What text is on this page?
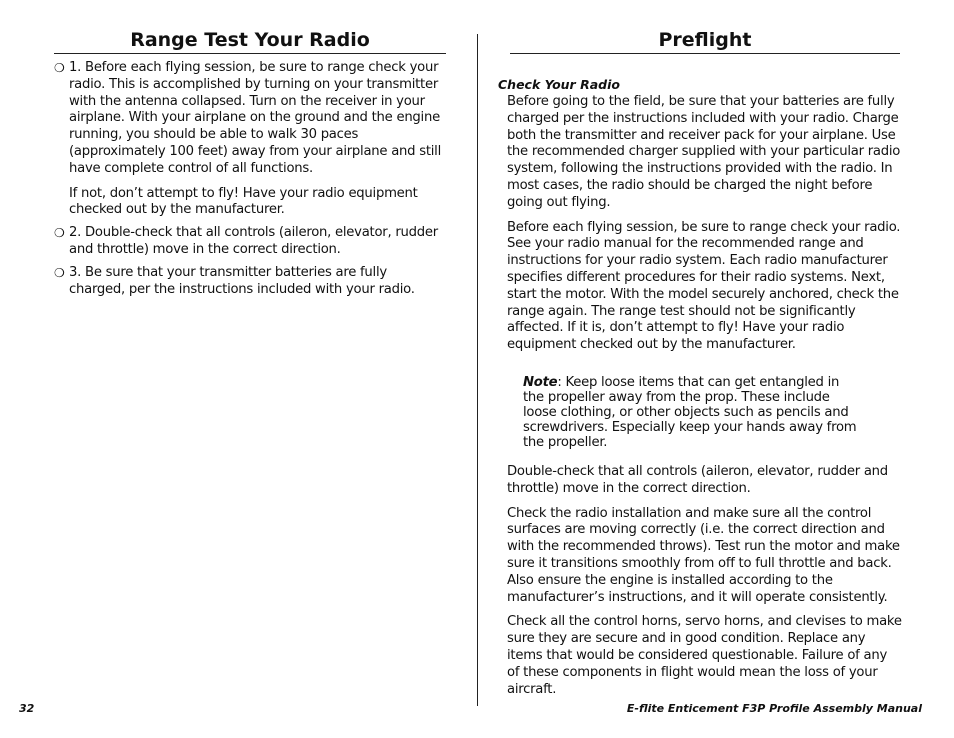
Range Test Your Radio
❍ 1. Before each flying session, be sure to range check your radio. This is accomplished by turning on your transmitter with the antenna collapsed. Turn on the receiver in your airplane. With your airplane on the ground and the engine running, you should be able to walk 30 paces (approximately 100 feet) away from your airplane and still have complete control of all functions.

If not, don’t attempt to fly! Have your radio equipment checked out by the manufacturer.

❍ 2. Double-check that all controls (aileron, elevator, rudder and throttle) move in the correct direction.

❍ 3. Be sure that your transmitter batteries are fully charged, per the instructions included with your radio.

Preflight
Check Your Radio

Before going to the field, be sure that your batteries are fully charged per the instructions included with your radio. Charge both the transmitter and receiver pack for your airplane. Use the recommended charger supplied with your particular radio system, following the instructions provided with the radio. In most cases, the radio should be charged the night before going out flying.

Before each flying session, be sure to range check your radio. See your radio manual for the recommended range and instructions for your radio system. Each radio manufacturer specifies different procedures for their radio systems. Next, start the motor. With the model securely anchored, check the range again. The range test should not be significantly affected. If it is, don’t attempt to fly! Have your radio equipment checked out by the manufacturer.

Note: Keep loose items that can get entangled in the propeller away from the prop. These include loose clothing, or other objects such as pencils and screwdrivers. Especially keep your hands away from the propeller.

Double-check that all controls (aileron, elevator, rudder and throttle) move in the correct direction.

Check the radio installation and make sure all the control surfaces are moving correctly (i.e. the correct direction and with the recommended throws). Test run the motor and make sure it transitions smoothly from off to full throttle and back. Also ensure the engine is installed according to the manufacturer’s instructions, and it will operate consistently.

Check all the control horns, servo horns, and clevises to make sure they are secure and in good condition. Replace any items that would be considered questionable. Failure of any of these components in flight would mean the loss of your aircraft.

32	E-flite Enticement F3P Profile Assembly Manual
